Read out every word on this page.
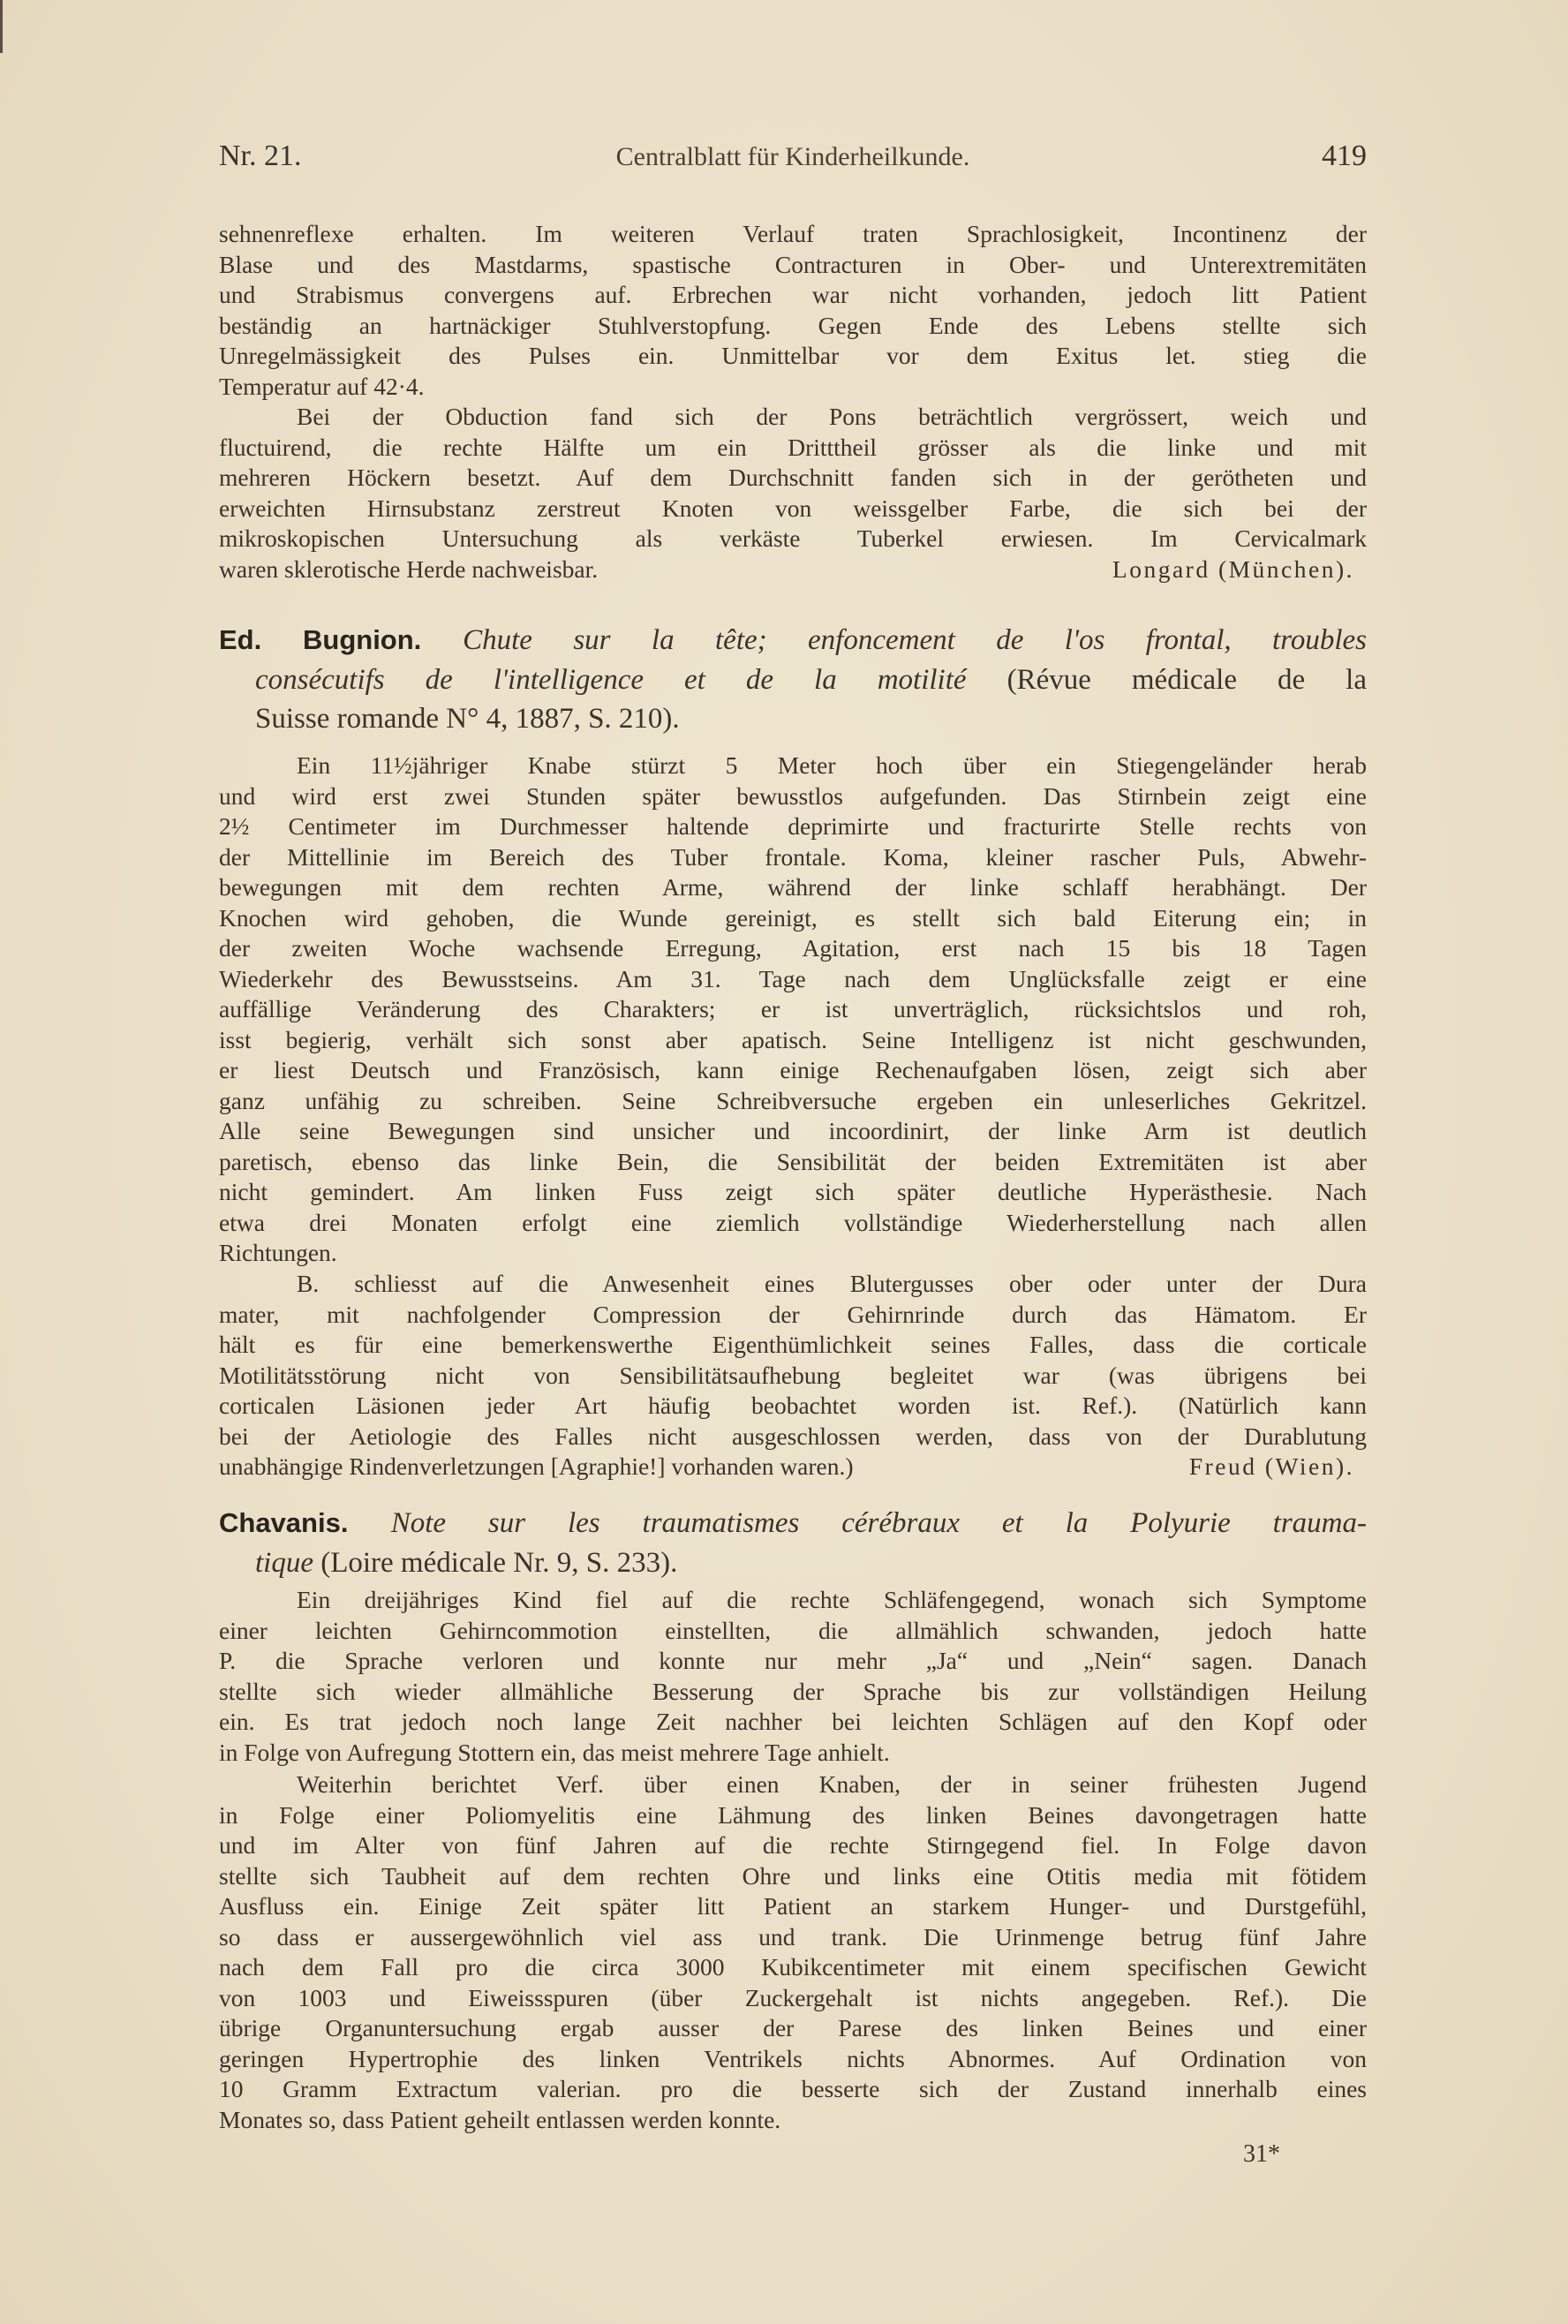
Nr. 21.	Centralblatt für Kinderheilkunde.	419
sehnenreflexe erhalten. Im weiteren Verlauf traten Sprachlosigkeit, Incontinenz der
Blase und des Mastdarms, spastische Contracturen in Ober- und Unterextremitäten
und Strabismus convergens auf. Erbrechen war nicht vorhanden, jedoch litt Patient
beständig an hartnäckiger Stuhlverstopfung. Gegen Ende des Lebens stellte sich
Unregelmässigkeit des Pulses ein. Unmittelbar vor dem Exitus let. stieg die
Temperatur auf 42·4.
Bei der Obduction fand sich der Pons beträchtlich vergrössert, weich und
fluctuirend, die rechte Hälfte um ein Dritttheil grösser als die linke und mit
mehreren Höckern besetzt. Auf dem Durchschnitt fanden sich in der gerötheten und
erweichten Hirnsubstanz zerstreut Knoten von weissgelber Farbe, die sich bei der
mikroskopischen Untersuchung als verkäste Tuberkel erwiesen. Im Cervicalmark
waren sklerotische Herde nachweisbar.	Longard (München).
Ed. Bugnion. Chute sur la tête; enfoncement de l'os frontal, troubles
consécutifs de l'intelligence et de la motilité (Révue médicale de la
Suisse romande N° 4, 1887, S. 210).
Ein 11½jähriger Knabe stürzt 5 Meter hoch über ein Stiegengeländer herab
und wird erst zwei Stunden später bewusstlos aufgefunden. Das Stirnbein zeigt eine
2½ Centimeter im Durchmesser haltende deprimirte und fracturirte Stelle rechts von
der Mittellinie im Bereich des Tuber frontale. Koma, kleiner rascher Puls, Abwehr-
bewegungen mit dem rechten Arme, während der linke schlaff herabhängt. Der
Knochen wird gehoben, die Wunde gereinigt, es stellt sich bald Eiterung ein; in
der zweiten Woche wachsende Erregung, Agitation, erst nach 15 bis 18 Tagen
Wiederkehr des Bewusstseins. Am 31. Tage nach dem Unglücksfalle zeigt er eine
auffällige Veränderung des Charakters; er ist unverträglich, rücksichtslos und roh,
isst begierig, verhält sich sonst aber apatisch. Seine Intelligenz ist nicht geschwunden,
er liest Deutsch und Französisch, kann einige Rechenaufgaben lösen, zeigt sich aber
ganz unfähig zu schreiben. Seine Schreibversuche ergeben ein unleserliches Gekritzel.
Alle seine Bewegungen sind unsicher und incoordinirt, der linke Arm ist deutlich
paretisch, ebenso das linke Bein, die Sensibilität der beiden Extremitäten ist aber
nicht gemindert. Am linken Fuss zeigt sich später deutliche Hyperästhesie. Nach
etwa drei Monaten erfolgt eine ziemlich vollständige Wiederherstellung nach allen
Richtungen.
B. schliesst auf die Anwesenheit eines Blutergusses ober oder unter der Dura
mater, mit nachfolgender Compression der Gehirnrinde durch das Hämatom. Er
hält es für eine bemerkenswerthe Eigenthümlichkeit seines Falles, dass die corticale
Motilitätsstörung nicht von Sensibilitätsaufhebung begleitet war (was übrigens bei
corticalen Läsionen jeder Art häufig beobachtet worden ist. Ref.). (Natürlich kann
bei der Aetiologie des Falles nicht ausgeschlossen werden, dass von der Durablutung
unabhängige Rindenverletzungen [Agraphie!] vorhanden waren.)	Freud (Wien).
Chavanis. Note sur les traumatismes cérébraux et la Polyurie trauma-
tique (Loire médicale Nr. 9, S. 233).
Ein dreijähriges Kind fiel auf die rechte Schläfengegend, wonach sich Symptome
einer leichten Gehirncommotion einstellten, die allmählich schwanden, jedoch hatte
P. die Sprache verloren und konnte nur mehr „Ja“ und „Nein“ sagen. Danach
stellte sich wieder allmähliche Besserung der Sprache bis zur vollständigen Heilung
ein. Es trat jedoch noch lange Zeit nachher bei leichten Schlägen auf den Kopf oder
in Folge von Aufregung Stottern ein, das meist mehrere Tage anhielt.
Weiterhin berichtet Verf. über einen Knaben, der in seiner frühesten Jugend
in Folge einer Poliomyelitis eine Lähmung des linken Beines davongetragen hatte
und im Alter von fünf Jahren auf die rechte Stirngegend fiel. In Folge davon
stellte sich Taubheit auf dem rechten Ohre und links eine Otitis media mit fötidem
Ausfluss ein. Einige Zeit später litt Patient an starkem Hunger- und Durstgefühl,
so dass er aussergewöhnlich viel ass und trank. Die Urinmenge betrug fünf Jahre
nach dem Fall pro die circa 3000 Kubikcentimeter mit einem specifischen Gewicht
von 1003 und Eiweissspuren (über Zuckergehalt ist nichts angegeben. Ref.). Die
übrige Organuntersuchung ergab ausser der Parese des linken Beines und einer
geringen Hypertrophie des linken Ventrikels nichts Abnormes. Auf Ordination von
10 Gramm Extractum valerian. pro die besserte sich der Zustand innerhalb eines
Monates so, dass Patient geheilt entlassen werden konnte.
31*
